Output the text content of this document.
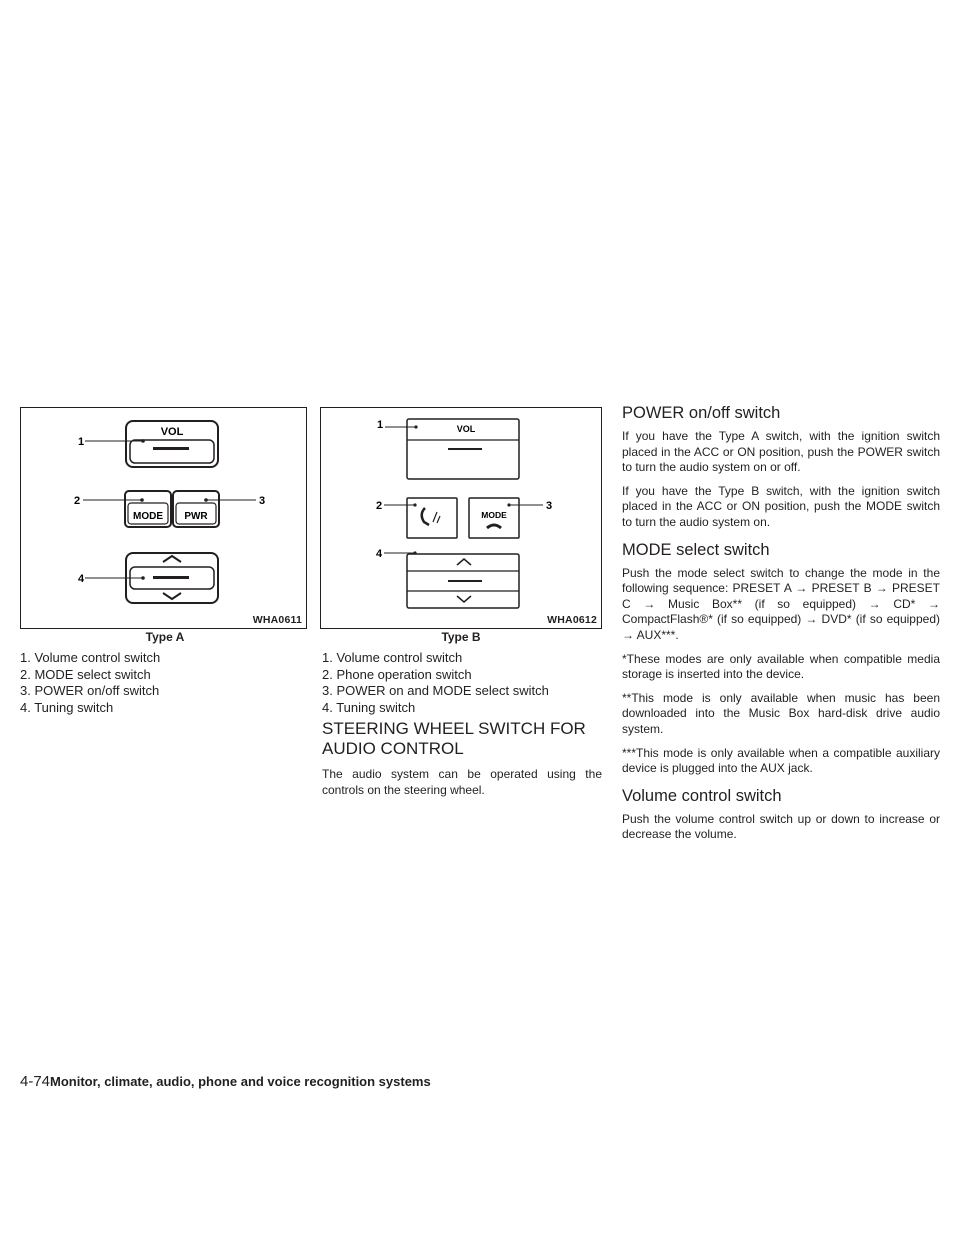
VOL
MODE PWR
1
2	3
4
WHA0611
Type A
1. Volume control switch
2. MODE select switch
3. POWER on/off switch
4. Tuning switch
VOL
MODE
1
2	3
4
WHA0612
Type B
1. Volume control switch
2. Phone operation switch
3. POWER on and MODE select switch
4. Tuning switch
STEERING WHEEL SWITCH FOR
AUDIO CONTROL

The audio system can be operated using the controls on the steering wheel.

POWER on/off switch

If you have the Type A switch, with the ignition switch placed in the ACC or ON position, push the POWER switch to turn the audio system on or off.

If you have the Type B switch, with the ignition switch placed in the ACC or ON position, push the MODE switch to turn the audio system on.

MODE select switch

Push the mode select switch to change the mode in the following sequence: PRESET A → PRESET B → PRESET C → Music Box** (if so equipped) → CD* → CompactFlash®* (if so equipped) → DVD* (if so equipped) → AUX***.

*These modes are only available when compatible media storage is inserted into the device.

**This mode is only available when music has been downloaded into the Music Box hard-disk drive audio system.

***This mode is only available when a compatible auxiliary device is plugged into the AUX jack.

Volume control switch

Push the volume control switch up or down to increase or decrease the volume.

4-74Monitor, climate, audio, phone and voice recognition systems
